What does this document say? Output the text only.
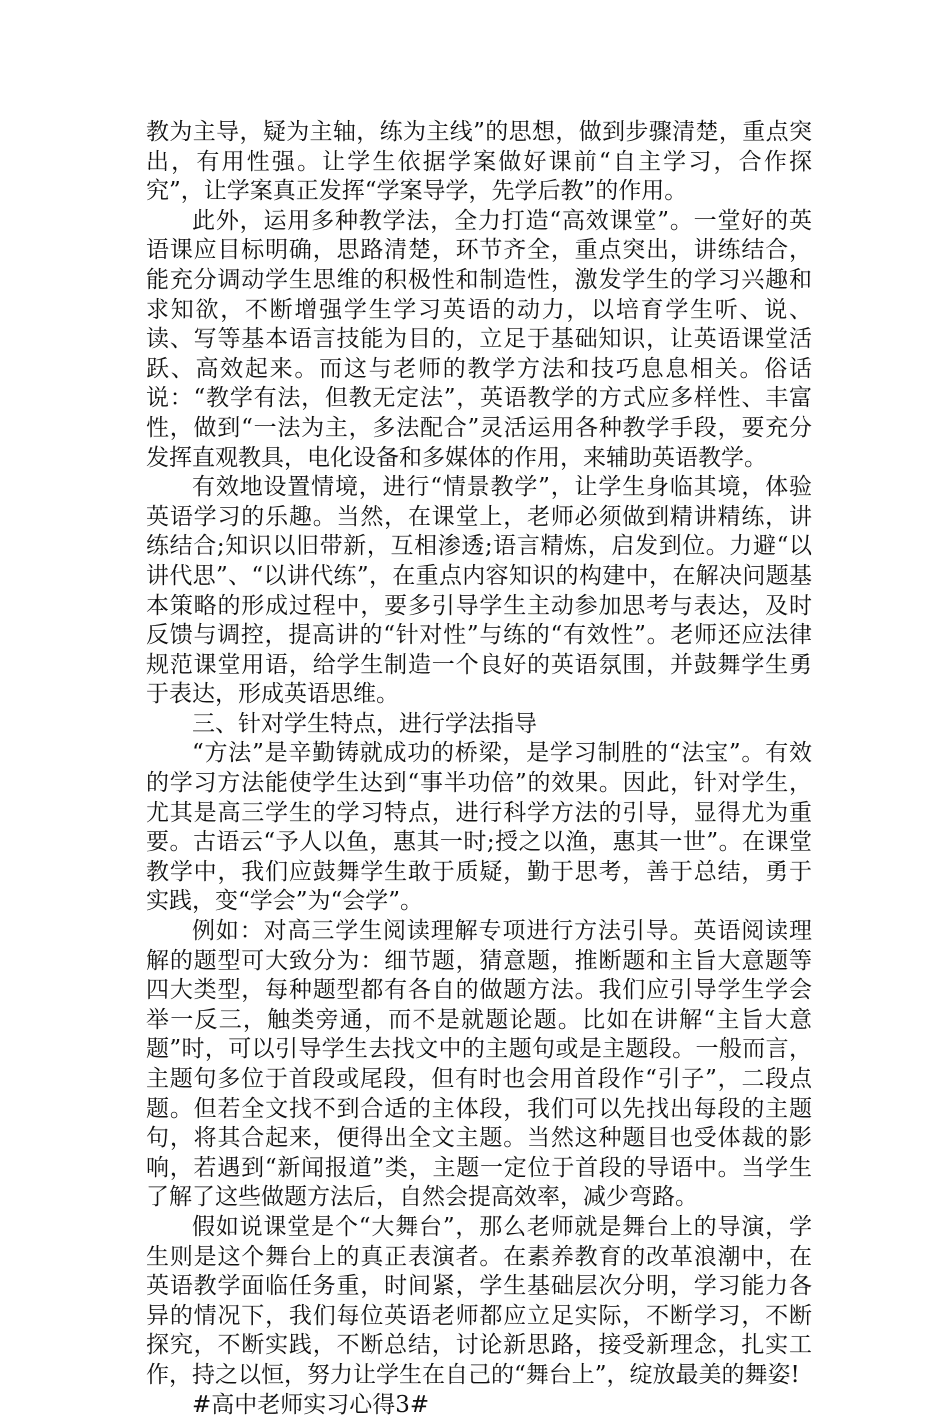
教为主导，疑为主轴，练为主线”的思想，做到步骤清楚，重点突出，有用性强。让学生依据学案做好课前“自主学习，合作探究”，让学案真正发挥“学案导学，先学后教”的作用。

此外，运用多种教学法，全力打造“高效课堂”。一堂好的英语课应目标明确，思路清楚，环节齐全，重点突出，讲练结合，能充分调动学生思维的积极性和制造性，激发学生的学习兴趣和求知欲，不断增强学生学习英语的动力，以培育学生听、说、读、写等基本语言技能为目的，立足于基础知识，让英语课堂活跃、高效起来。而这与老师的教学方法和技巧息息相关。俗话说：“教学有法，但教无定法”，英语教学的方式应多样性、丰富性，做到“一法为主，多法配合”灵活运用各种教学手段，要充分发挥直观教具，电化设备和多媒体的作用，来辅助英语教学。

有效地设置情境，进行“情景教学”，让学生身临其境，体验英语学习的乐趣。当然，在课堂上，老师必须做到精讲精练，讲练结合;知识以旧带新，互相渗透;语言精炼，启发到位。力避“以讲代思”、“以讲代练”，在重点内容知识的构建中，在解决问题基本策略的形成过程中，要多引导学生主动参加思考与表达，及时反馈与调控，提高讲的“针对性”与练的“有效性”。老师还应法律规范课堂用语，给学生制造一个良好的英语氛围，并鼓舞学生勇于表达，形成英语思维。

三、针对学生特点，进行学法指导

“方法”是辛勤铸就成功的桥梁，是学习制胜的“法宝”。有效的学习方法能使学生达到“事半功倍”的效果。因此，针对学生，尤其是高三学生的学习特点，进行科学方法的引导，显得尤为重要。古语云“予人以鱼，惠其一时;授之以渔，惠其一世”。在课堂教学中，我们应鼓舞学生敢于质疑，勤于思考，善于总结，勇于实践，变“学会”为“会学”。

例如：对高三学生阅读理解专项进行方法引导。英语阅读理解的题型可大致分为：细节题，猜意题，推断题和主旨大意题等四大类型，每种题型都有各自的做题方法。我们应引导学生学会举一反三，触类旁通，而不是就题论题。比如在讲解“主旨大意题”时，可以引导学生去找文中的主题句或是主题段。一般而言，主题句多位于首段或尾段，但有时也会用首段作“引子”，二段点题。但若全文找不到合适的主体段，我们可以先找出每段的主题句，将其合起来，便得出全文主题。当然这种题目也受体裁的影响，若遇到“新闻报道”类，主题一定位于首段的导语中。当学生了解了这些做题方法后，自然会提高效率，减少弯路。

假如说课堂是个“大舞台”，那么老师就是舞台上的导演，学生则是这个舞台上的真正表演者。在素养教育的改革浪潮中，在英语教学面临任务重，时间紧，学生基础层次分明，学习能力各异的情况下，我们每位英语老师都应立足实际，不断学习，不断探究，不断实践，不断总结，讨论新思路，接受新理念，扎实工作，持之以恒，努力让学生在自己的“舞台上”，绽放最美的舞姿!

#高中老师实习心得3#
